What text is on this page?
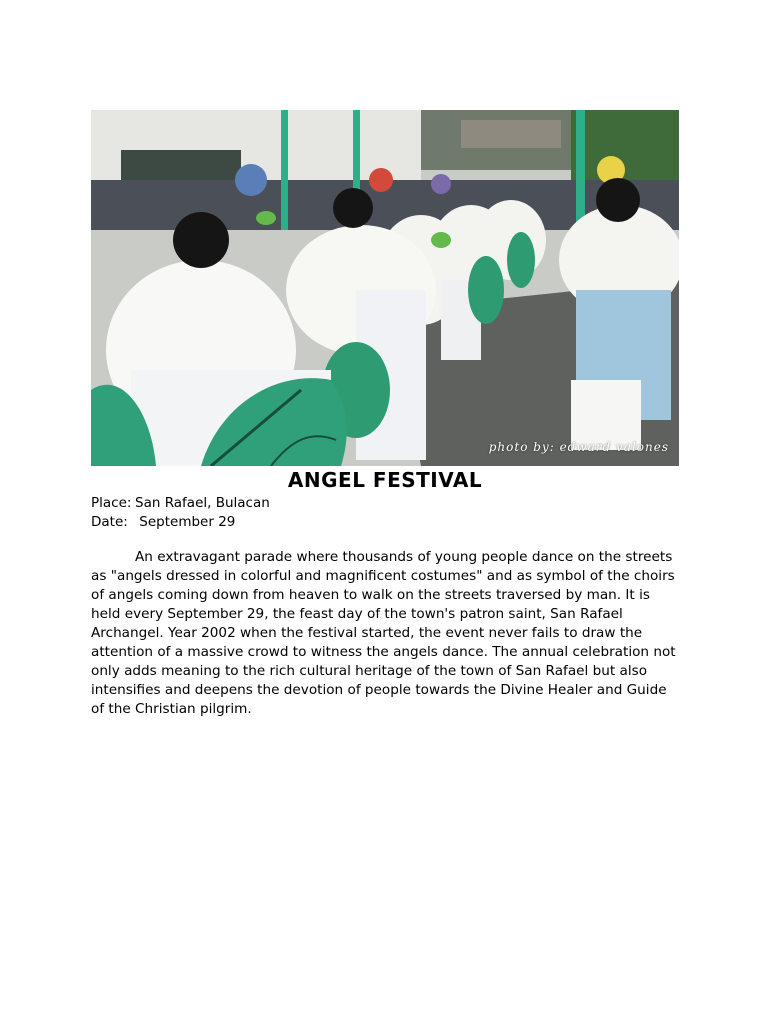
photo by: edward valones
ANGEL FESTIVAL
Place: San Rafael, Bulacan
Date: September 29

An extravagant parade where thousands of young people dance on the streets as "angels dressed in colorful and magnificent costumes" and as symbol of the choirs of angels coming down from heaven to walk on the streets traversed by man. It is held every September 29, the feast day of the town's patron saint, San Rafael Archangel. Year 2002 when the festival started, the event never fails to draw the attention of a massive crowd to witness the angels dance. The annual celebration not only adds meaning to the rich cultural heritage of the town of San Rafael but also intensifies and deepens the devotion of people towards the Divine Healer and Guide of the Christian pilgrim.
